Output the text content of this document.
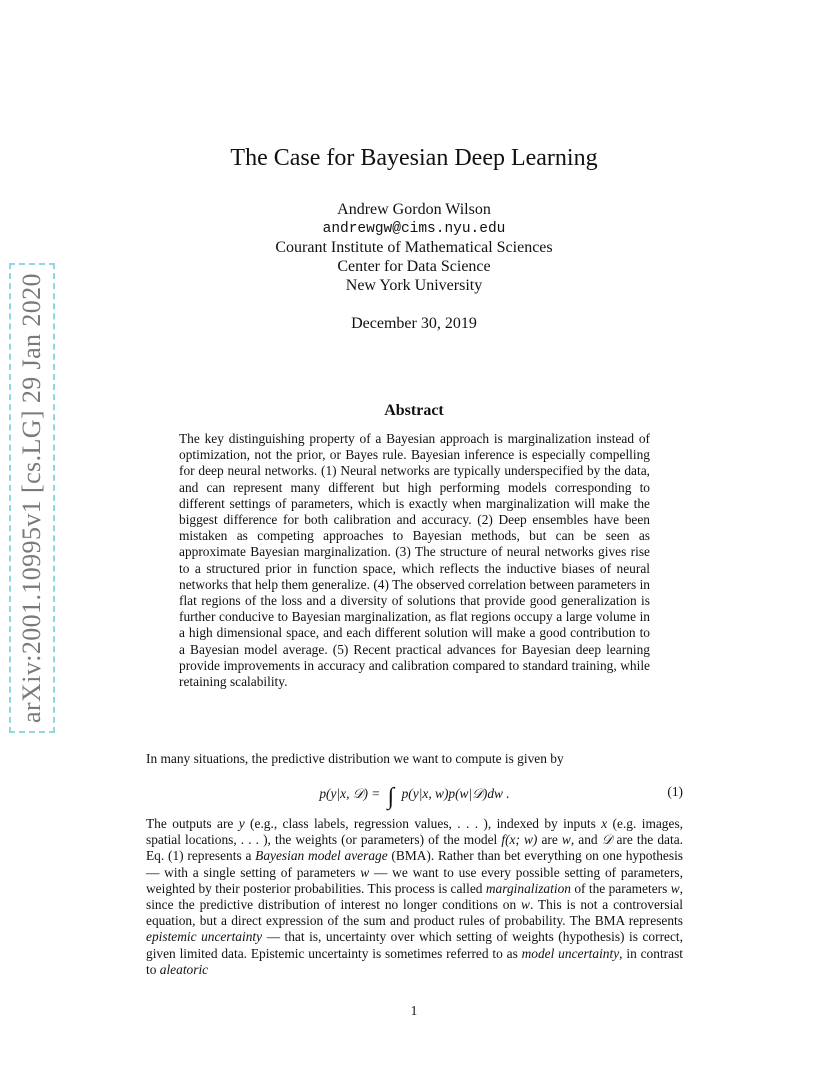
arXiv:2001.10995v1 [cs.LG] 29 Jan 2020
The Case for Bayesian Deep Learning
Andrew Gordon Wilson
andrewgw@cims.nyu.edu
Courant Institute of Mathematical Sciences
Center for Data Science
New York University
December 30, 2019
Abstract
The key distinguishing property of a Bayesian approach is marginalization instead of optimization, not the prior, or Bayes rule. Bayesian inference is especially compelling for deep neural networks. (1) Neural networks are typically underspecified by the data, and can represent many different but high performing models corresponding to different settings of parameters, which is exactly when marginalization will make the biggest difference for both calibration and accuracy. (2) Deep ensembles have been mistaken as competing approaches to Bayesian methods, but can be seen as approximate Bayesian marginalization. (3) The structure of neural networks gives rise to a structured prior in function space, which reflects the inductive biases of neural networks that help them generalize. (4) The observed correlation between parameters in flat regions of the loss and a diversity of solutions that provide good generalization is further conducive to Bayesian marginalization, as flat regions occupy a large volume in a high dimensional space, and each different solution will make a good contribution to a Bayesian model average. (5) Recent practical advances for Bayesian deep learning provide improvements in accuracy and calibration compared to standard training, while retaining scalability.
In many situations, the predictive distribution we want to compute is given by
p(y|x, 𝒟) = ∫ p(y|x, w)p(w|𝒟)dw .	(1)
The outputs are y (e.g., class labels, regression values, . . . ), indexed by inputs x (e.g. images, spatial locations, . . . ), the weights (or parameters) of the model f(x; w) are w, and 𝒟 are the data. Eq. (1) represents a Bayesian model average (BMA). Rather than bet everything on one hypothesis — with a single setting of parameters w — we want to use every possible setting of parameters, weighted by their posterior probabilities. This process is called marginalization of the parameters w, since the predictive distribution of interest no longer conditions on w. This is not a controversial equation, but a direct expression of the sum and product rules of probability. The BMA represents epistemic uncertainty — that is, uncertainty over which setting of weights (hypothesis) is correct, given limited data. Epistemic uncertainty is sometimes referred to as model uncertainty, in contrast to aleatoric
1
